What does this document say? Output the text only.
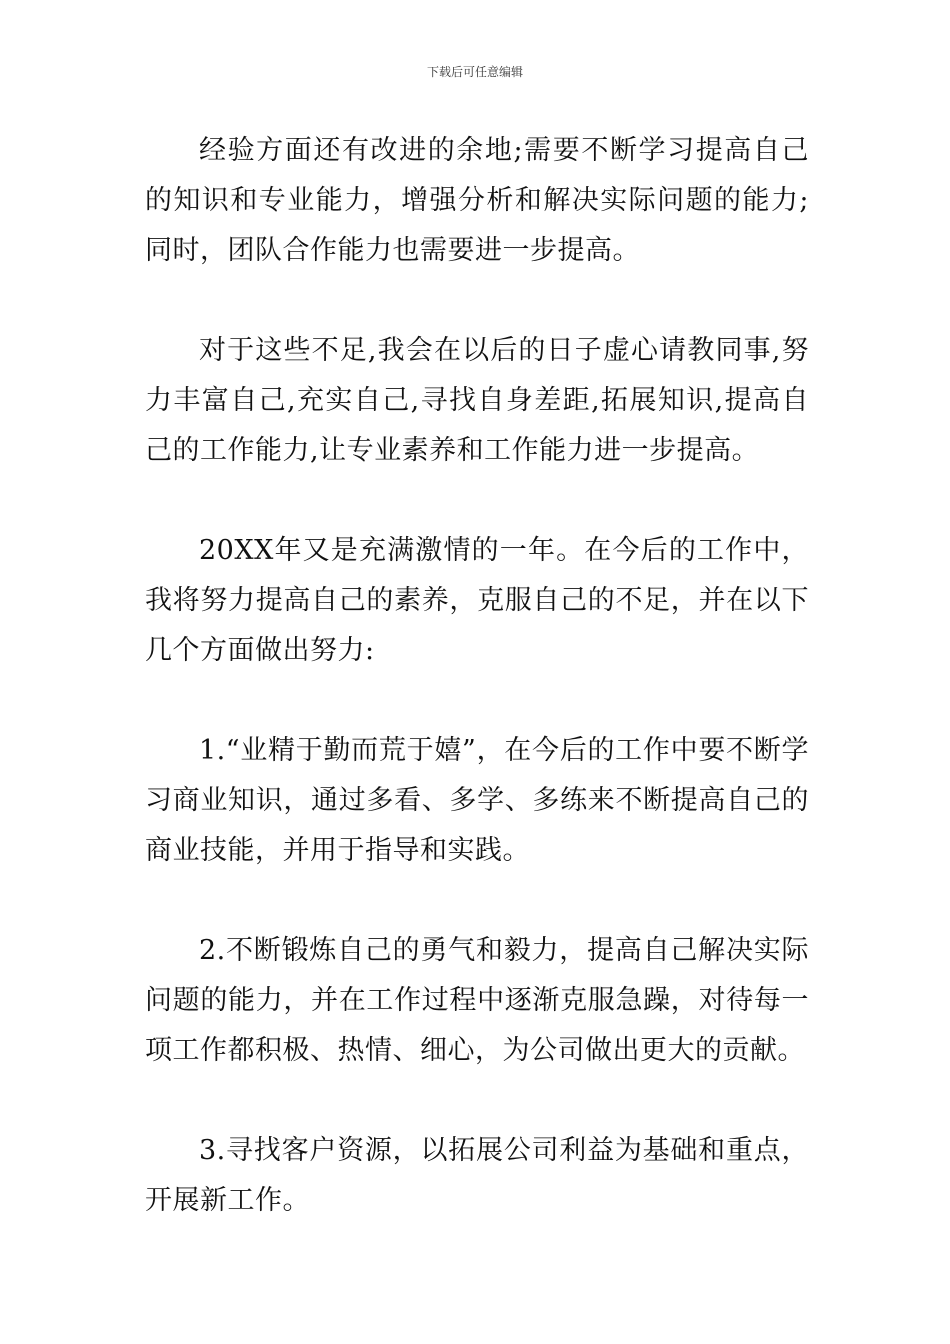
下载后可任意编辑

经验方面还有改进的余地;需要不断学习提高自己的知识和专业能力，增强分析和解决实际问题的能力;同时，团队合作能力也需要进一步提高。

对于这些不足,我会在以后的日子虚心请教同事,努力丰富自己,充实自己,寻找自身差距,拓展知识,提高自己的工作能力,让专业素养和工作能力进一步提高。

20XX年又是充满激情的一年。在今后的工作中，我将努力提高自己的素养，克服自己的不足，并在以下几个方面做出努力:

1.“业精于勤而荒于嬉”，在今后的工作中要不断学习商业知识，通过多看、多学、多练来不断提高自己的商业技能，并用于指导和实践。

2.不断锻炼自己的勇气和毅力，提高自己解决实际问题的能力，并在工作过程中逐渐克服急躁，对待每一项工作都积极、热情、细心，为公司做出更大的贡献。

3.寻找客户资源，以拓展公司利益为基础和重点，开展新工作。
